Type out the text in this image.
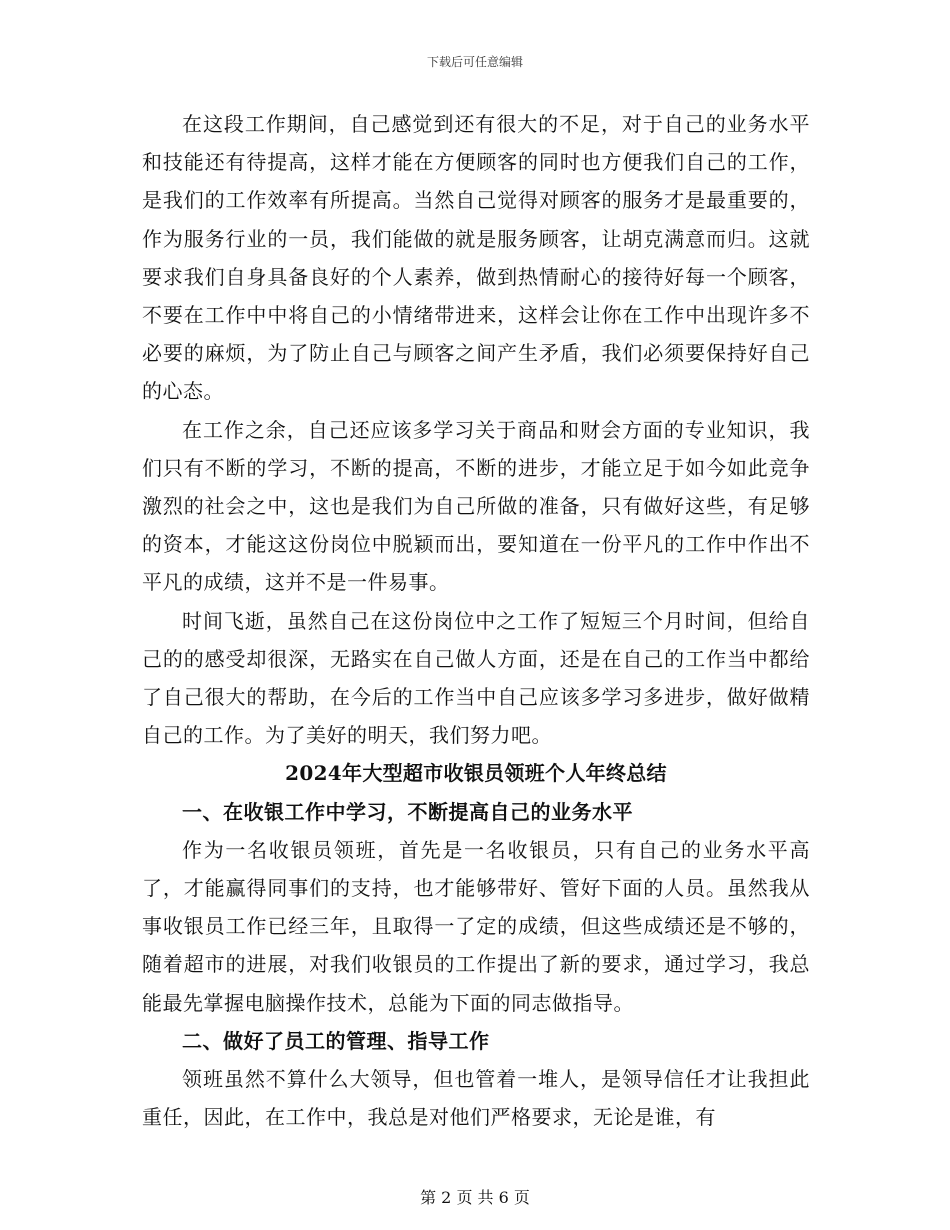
下载后可任意编辑

在这段工作期间，自己感觉到还有很大的不足，对于自己的业务水平和技能还有待提高，这样才能在方便顾客的同时也方便我们自己的工作，是我们的工作效率有所提高。当然自己觉得对顾客的服务才是最重要的，作为服务行业的一员，我们能做的就是服务顾客，让胡克满意而归。这就要求我们自身具备良好的个人素养，做到热情耐心的接待好每一个顾客，不要在工作中中将自己的小情绪带进来，这样会让你在工作中出现许多不必要的麻烦，为了防止自己与顾客之间产生矛盾，我们必须要保持好自己的心态。

在工作之余，自己还应该多学习关于商品和财会方面的专业知识，我们只有不断的学习，不断的提高，不断的进步，才能立足于如今如此竞争激烈的社会之中，这也是我们为自己所做的准备，只有做好这些，有足够的资本，才能这这份岗位中脱颖而出，要知道在一份平凡的工作中作出不平凡的成绩，这并不是一件易事。

时间飞逝，虽然自己在这份岗位中之工作了短短三个月时间，但给自己的的感受却很深，无路实在自己做人方面，还是在自己的工作当中都给了自己很大的帮助，在今后的工作当中自己应该多学习多进步，做好做精自己的工作。为了美好的明天，我们努力吧。

2024年大型超市收银员领班个人年终总结

一、在收银工作中学习，不断提高自己的业务水平

作为一名收银员领班，首先是一名收银员，只有自己的业务水平高了，才能赢得同事们的支持，也才能够带好、管好下面的人员。虽然我从事收银员工作已经三年，且取得一了定的成绩，但这些成绩还是不够的，随着超市的进展，对我们收银员的工作提出了新的要求，通过学习，我总能最先掌握电脑操作技术，总能为下面的同志做指导。

二、做好了员工的管理、指导工作

领班虽然不算什么大领导，但也管着一堆人，是领导信任才让我担此重任，因此，在工作中，我总是对他们严格要求，无论是谁，有

第 2 页 共 6 页
